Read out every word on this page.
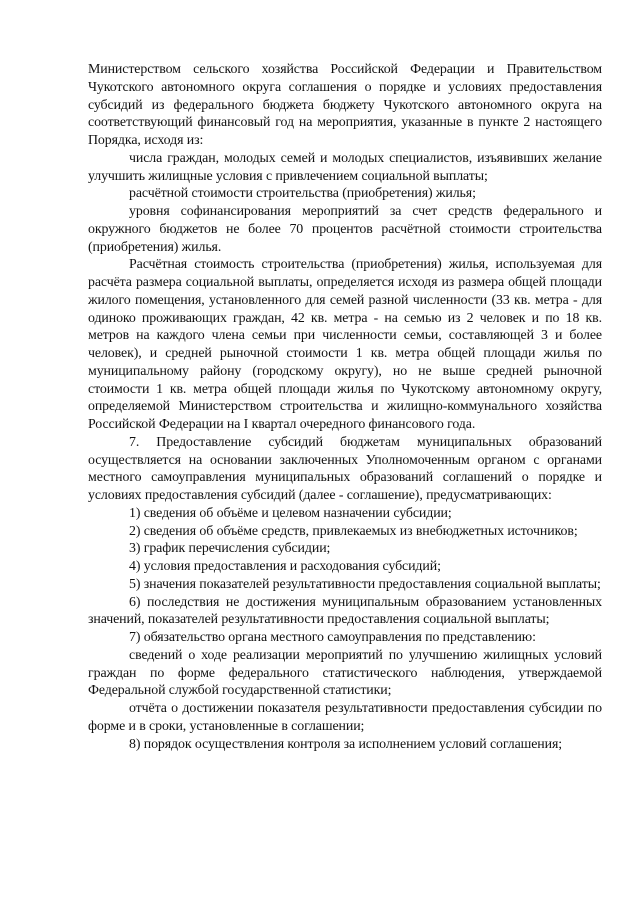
Министерством сельского хозяйства Российской Федерации и Правительством Чукотского автономного округа соглашения о порядке и условиях предоставления субсидий из федерального бюджета бюджету Чукотского автономного округа на соответствующий финансовый год на мероприятия, указанные в пункте 2 настоящего Порядка, исходя из:

числа граждан, молодых семей и молодых специалистов, изъявивших желание улучшить жилищные условия с привлечением социальной выплаты;

расчётной стоимости строительства (приобретения) жилья;

уровня софинансирования мероприятий за счет средств федерального и окружного бюджетов не более 70 процентов расчётной стоимости строительства (приобретения) жилья.

Расчётная стоимость строительства (приобретения) жилья, используемая для расчёта размера социальной выплаты, определяется исходя из размера общей площади жилого помещения, установленного для семей разной численности (33 кв. метра - для одиноко проживающих граждан, 42 кв. метра - на семью из 2 человек и по 18 кв. метров на каждого члена семьи при численности семьи, составляющей 3 и более человек), и средней рыночной стоимости 1 кв. метра общей площади жилья по муниципальному району (городскому округу), но не выше средней рыночной стоимости 1 кв. метра общей площади жилья по Чукотскому автономному округу, определяемой Министерством строительства и жилищно-коммунального хозяйства Российской Федерации на I квартал очередного финансового года.

7. Предоставление субсидий бюджетам муниципальных образований осуществляется на основании заключенных Уполномоченным органом с органами местного самоуправления муниципальных образований соглашений о порядке и условиях предоставления субсидий (далее - соглашение), предусматривающих:

1) сведения об объёме и целевом назначении субсидии;

2) сведения об объёме средств, привлекаемых из внебюджетных источников;

3) график перечисления субсидии;

4) условия предоставления и расходования субсидий;

5) значения показателей результативности предоставления социальной выплаты;

6) последствия не достижения муниципальным образованием установленных значений, показателей результативности предоставления социальной выплаты;

7) обязательство органа местного самоуправления по представлению:

сведений о ходе реализации мероприятий по улучшению жилищных условий граждан по форме федерального статистического наблюдения, утверждаемой Федеральной службой государственной статистики;

отчёта о достижении показателя результативности предоставления субсидии по форме и в сроки, установленные в соглашении;

8) порядок осуществления контроля за исполнением условий соглашения;
